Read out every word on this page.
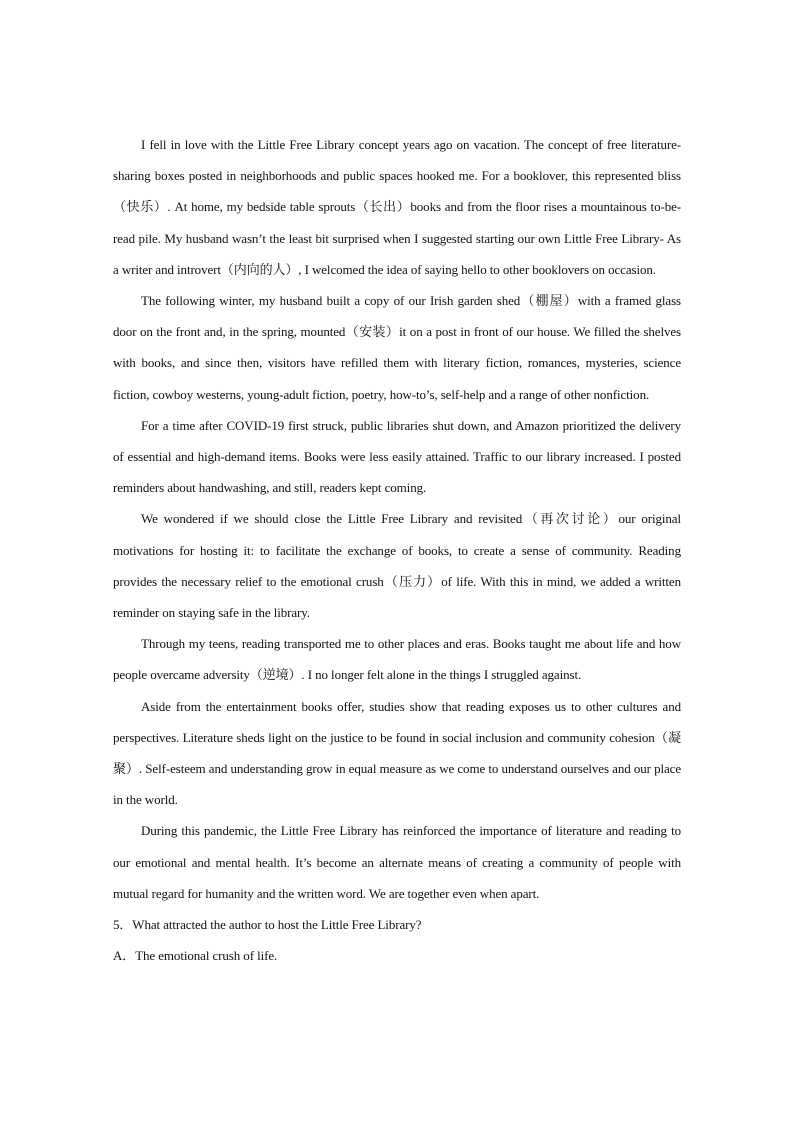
I fell in love with the Little Free Library concept years ago on vacation. The concept of free literature-sharing boxes posted in neighborhoods and public spaces hooked me. For a booklover, this represented bliss（快乐）. At home, my bedside table sprouts（长出）books and from the floor rises a mountainous to-be-read pile. My husband wasn’t the least bit surprised when I suggested starting our own Little Free Library- As a writer and introvert（内向的人）, I welcomed the idea of saying hello to other booklovers on occasion.

The following winter, my husband built a copy of our Irish garden shed（棚屋）with a framed glass door on the front and, in the spring, mounted（安装）it on a post in front of our house. We filled the shelves with books, and since then, visitors have refilled them with literary fiction, romances, mysteries, science fiction, cowboy westerns, young-adult fiction, poetry, how-to’s, self-help and a range of other nonfiction.

For a time after COVID-19 first struck, public libraries shut down, and Amazon prioritized the delivery of essential and high-demand items. Books were less easily attained. Traffic to our library increased. I posted reminders about handwashing, and still, readers kept coming.

We wondered if we should close the Little Free Library and revisited（再次讨论）our original motivations for hosting it: to facilitate the exchange of books, to create a sense of community. Reading provides the necessary relief to the emotional crush（压力）of life. With this in mind, we added a written reminder on staying safe in the library.

Through my teens, reading transported me to other places and eras. Books taught me about life and how people overcame adversity（逆境）. I no longer felt alone in the things I struggled against.

Aside from the entertainment books offer, studies show that reading exposes us to other cultures and perspectives. Literature sheds light on the justice to be found in social inclusion and community cohesion（凝聚）. Self-esteem and understanding grow in equal measure as we come to understand ourselves and our place in the world.

During this pandemic, the Little Free Library has reinforced the importance of literature and reading to our emotional and mental health. It’s become an alternate means of creating a community of people with mutual regard for humanity and the written word. We are together even when apart.

5．What attracted the author to host the Little Free Library?

A．The emotional crush of life.
